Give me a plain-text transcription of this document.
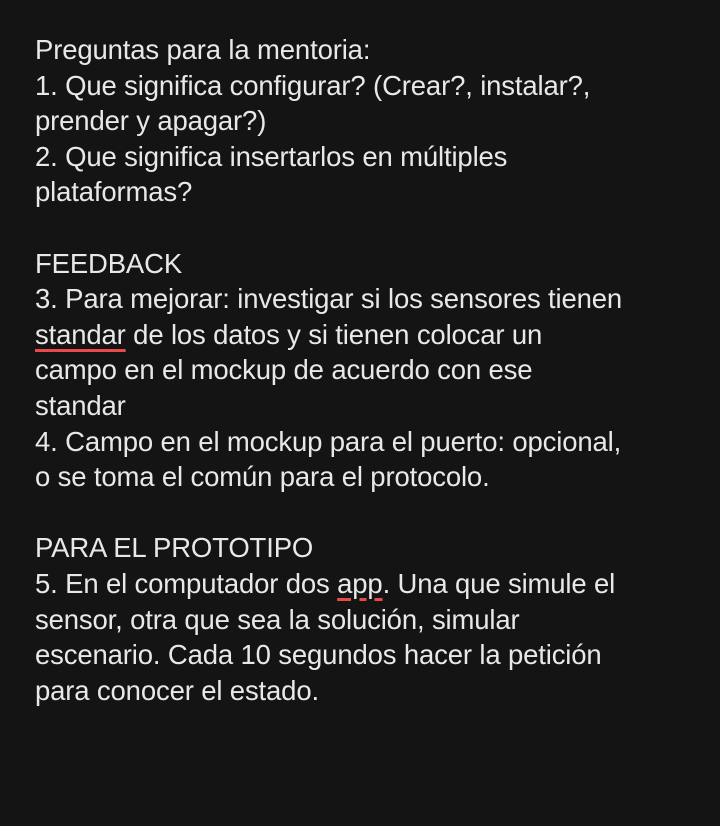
Preguntas para la mentoria:
1. Que significa configurar? (Crear?, instalar?,
prender y apagar?)
2. Que significa insertarlos en múltiples
plataformas?
FEEDBACK
3. Para mejorar: investigar si los sensores tienen
standar de los datos y si tienen colocar un
campo en el mockup de acuerdo con ese
standar
4. Campo en el mockup para el puerto: opcional,
o se toma el común para el protocolo.
PARA EL PROTOTIPO
5. En el computador dos app. Una que simule el
sensor, otra que sea la solución, simular
escenario. Cada 10 segundos hacer la petición
para conocer el estado.
